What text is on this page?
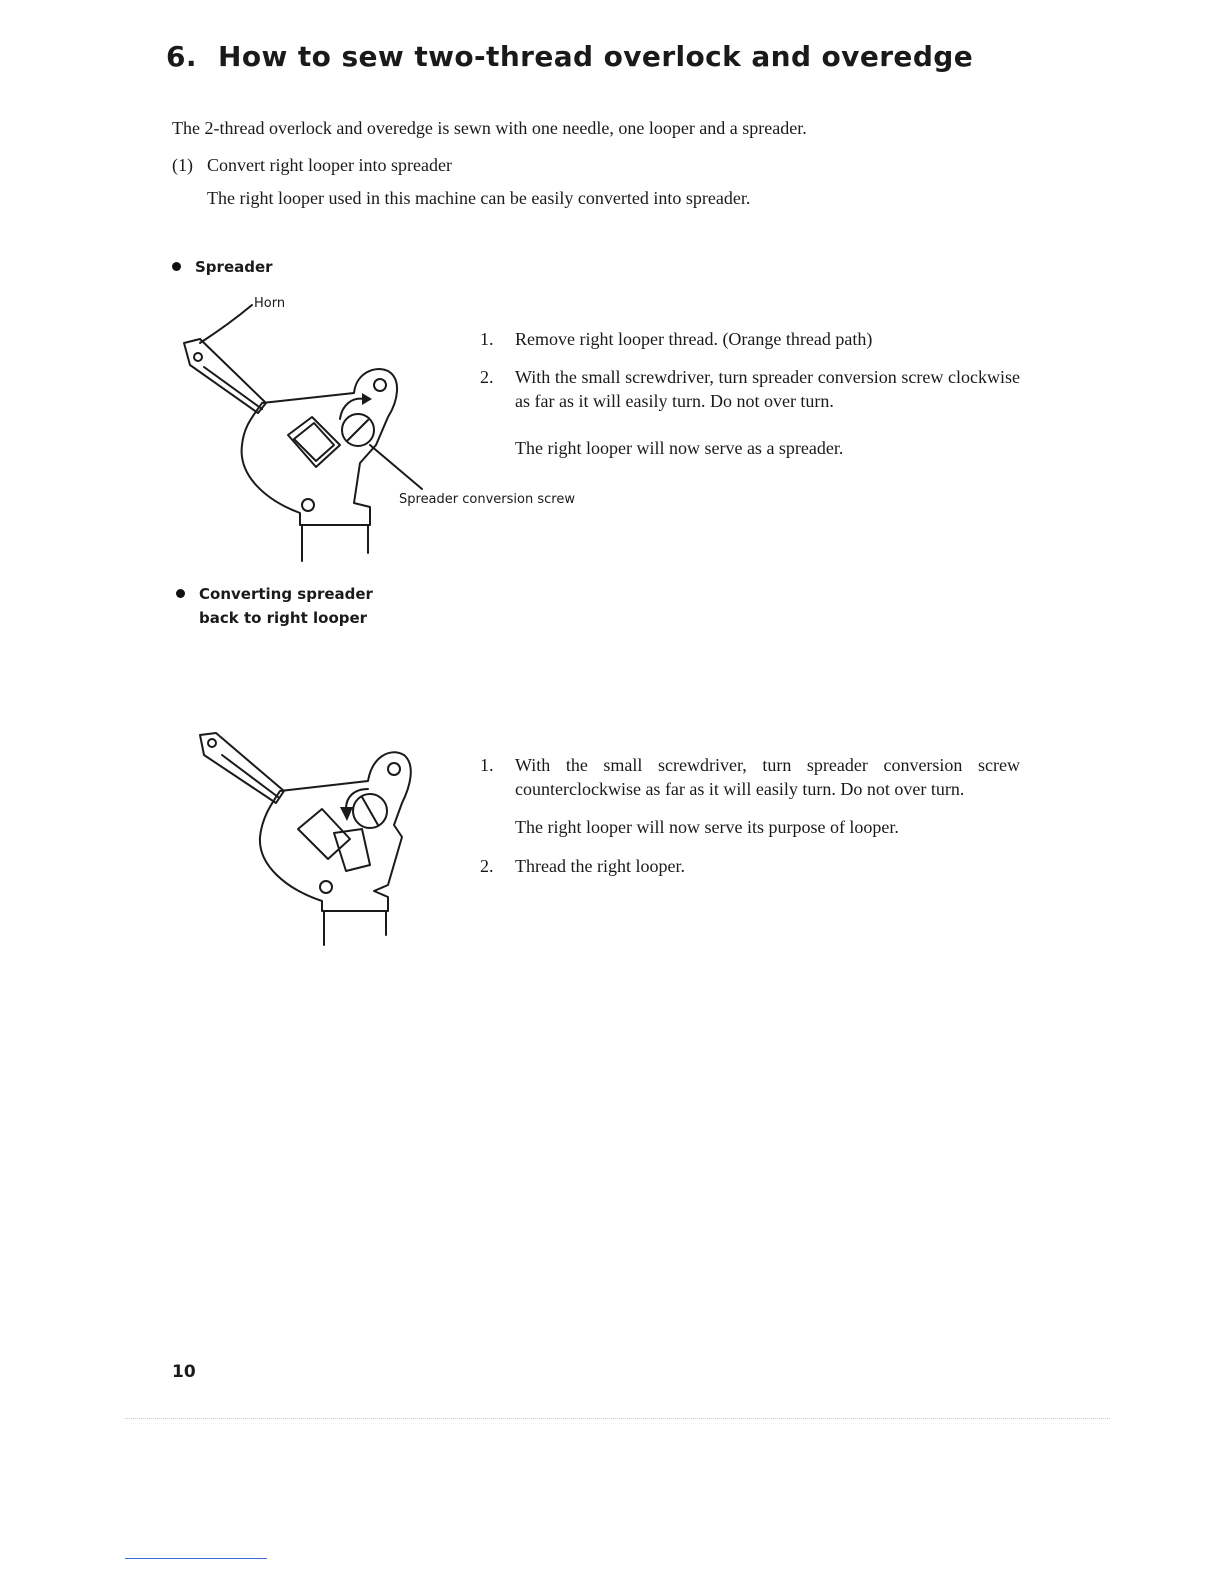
6. How to sew two-thread overlock and overedge
The 2-thread overlock and overedge is sewn with one needle, one looper and a spreader.
(1) Convert right looper into spreader
The right looper used in this machine can be easily converted into spreader.
Spreader
Horn
Spreader conversion screw
1. Remove right looper thread. (Orange thread path)
2. With the small screwdriver, turn spreader conversion screw clockwise as far as it will easily turn. Do not over turn.
The right looper will now serve as a spreader.
Converting spreader
back to right looper
1. With the small screwdriver, turn spreader conversion screw counterclockwise as far as it will easily turn. Do not over turn.
The right looper will now serve its purpose of looper.
2. Thread the right looper.
10
